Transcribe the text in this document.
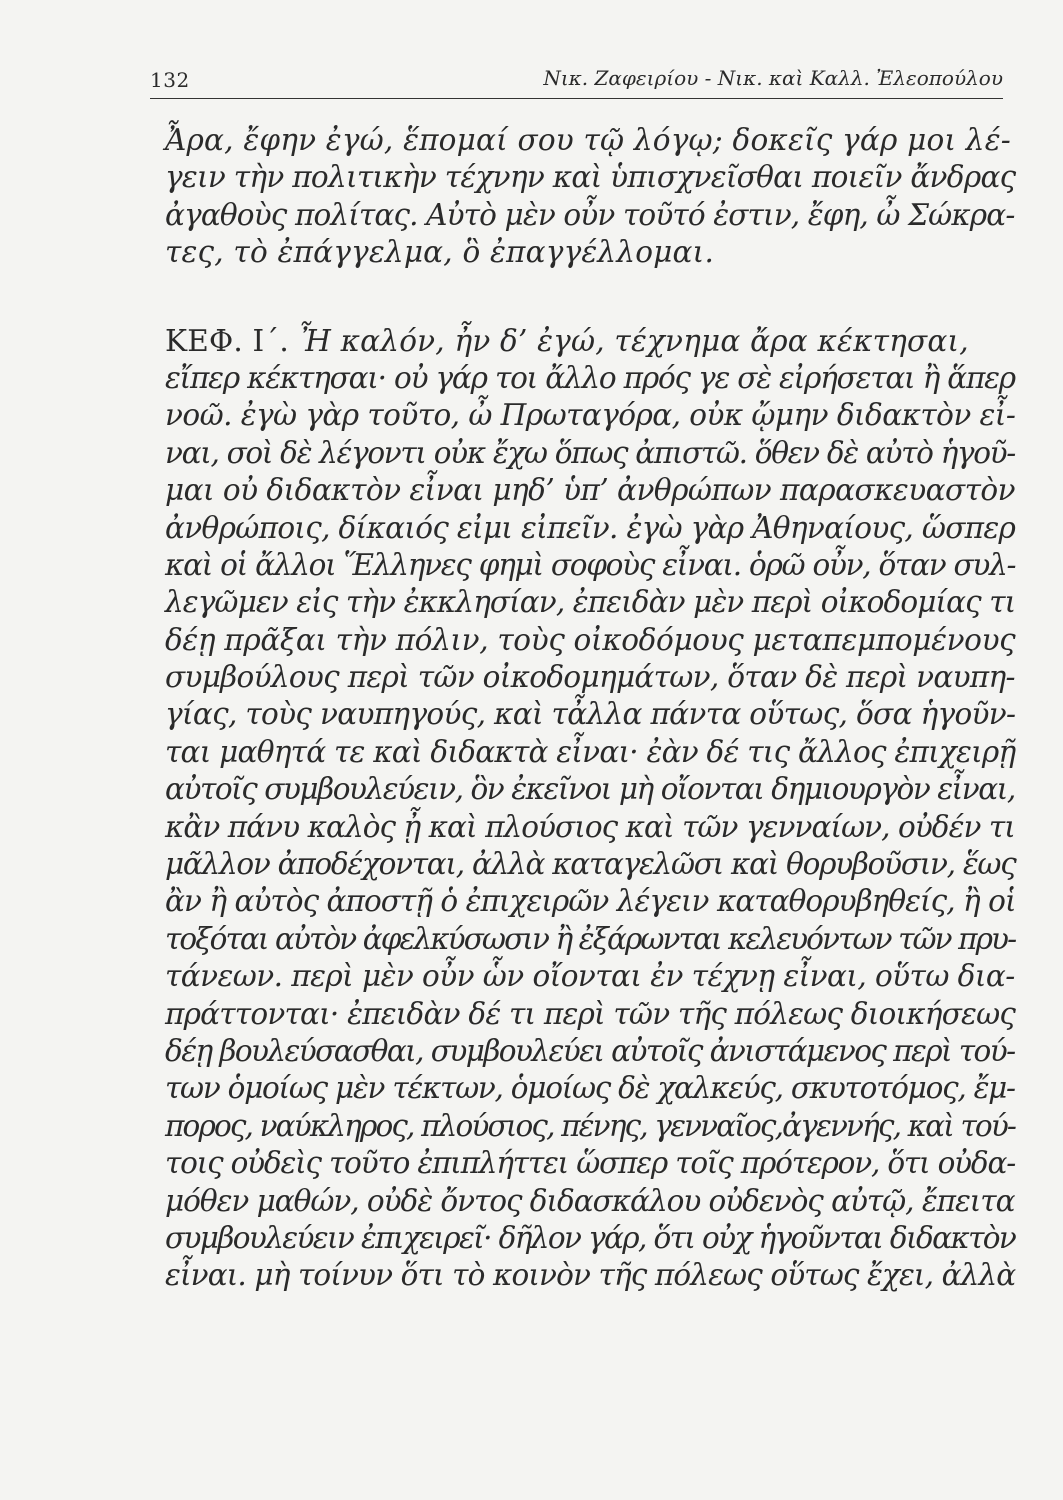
132	Νικ. Ζαφειρίου - Νικ. καὶ Καλλ. Ἐλεοπούλου
Ἆρα, ἔφην ἐγώ, ἕπομαί σου τῷ λόγῳ; δοκεῖς γάρ μοι λέ-
γειν τὴν πολιτικὴν τέχνην καὶ ὑπισχνεῖσθαι ποιεῖν ἄνδρας
ἀγαθοὺς πολίτας. Αὐτὸ μὲν οὖν τοῦτό ἐστιν, ἔφη, ὦ Σώκρα-
τες, τὸ ἐπάγγελμα, ὃ ἐπαγγέλλομαι.
ΚΕΦ. Ι΄. Ἦ καλόν, ἦν δ’ ἐγώ, τέχνημα ἄρα κέκτησαι,
εἴπερ κέκτησαι· οὐ γάρ τοι ἄλλο πρός γε σὲ εἰρήσεται ἢ ἅπερ
νοῶ. ἐγὼ γὰρ τοῦτο, ὦ Πρωταγόρα, οὐκ ᾤμην διδακτὸν εἶ-
ναι, σοὶ δὲ λέγοντι οὐκ ἔχω ὅπως ἀπιστῶ. ὅθεν δὲ αὐτὸ ἡγοῦ-
μαι οὐ διδακτὸν εἶναι μηδ’ ὑπ’ ἀνθρώπων παρασκευαστὸν
ἀνθρώποις, δίκαιός εἰμι εἰπεῖν. ἐγὼ γὰρ Ἀθηναίους, ὥσπερ
καὶ οἱ ἄλλοι Ἕλληνες φημὶ σοφοὺς εἶναι. ὁρῶ οὖν, ὅταν συλ-
λεγῶμεν εἰς τὴν ἐκκλησίαν, ἐπειδὰν μὲν περὶ οἰκοδομίας τι
δέῃ πρᾶξαι τὴν πόλιν, τοὺς οἰκοδόμους μεταπεμπομένους
συμβούλους περὶ τῶν οἰκοδομημάτων, ὅταν δὲ περὶ ναυπη-
γίας, τοὺς ναυπηγούς, καὶ τἆλλα πάντα οὕτως, ὅσα ἡγοῦν-
ται μαθητά τε καὶ διδακτὰ εἶναι· ἐὰν δέ τις ἄλλος ἐπιχειρῇ
αὐτοῖς συμβουλεύειν, ὃν ἐκεῖνοι μὴ οἴονται δημιουργὸν εἶναι,
κἂν πάνυ καλὸς ᾖ καὶ πλούσιος καὶ τῶν γενναίων, οὐδέν τι
μᾶλλον ἀποδέχονται, ἀλλὰ καταγελῶσι καὶ θορυβοῦσιν, ἕως
ἂν ἢ αὐτὸς ἀποστῇ ὁ ἐπιχειρῶν λέγειν καταθορυβηθείς, ἢ οἱ
τοξόται αὐτὸν ἀφελκύσωσιν ἢ ἐξάρωνται κελευόντων τῶν πρυ-
τάνεων. περὶ μὲν οὖν ὧν οἴονται ἐν τέχνῃ εἶναι, οὕτω δια-
πράττονται· ἐπειδὰν δέ τι περὶ τῶν τῆς πόλεως διοικήσεως
δέῃ βουλεύσασθαι, συμβουλεύει αὐτοῖς ἀνιστάμενος περὶ τού-
των ὁμοίως μὲν τέκτων, ὁμοίως δὲ χαλκεύς, σκυτοτόμος, ἔμ-
πορος, ναύκληρος, πλούσιος, πένης, γενναῖος,ἀγεννής, καὶ τού-
τοις οὐδεὶς τοῦτο ἐπιπλήττει ὥσπερ τοῖς πρότερον, ὅτι οὐδα-
μόθεν μαθών, οὐδὲ ὄντος διδασκάλου οὐδενὸς αὐτῷ, ἔπειτα
συμβουλεύειν ἐπιχειρεῖ· δῆλον γάρ, ὅτι οὐχ ἡγοῦνται διδακτὸν
εἶναι. μὴ τοίνυν ὅτι τὸ κοινὸν τῆς πόλεως οὕτως ἔχει, ἀλλὰ
